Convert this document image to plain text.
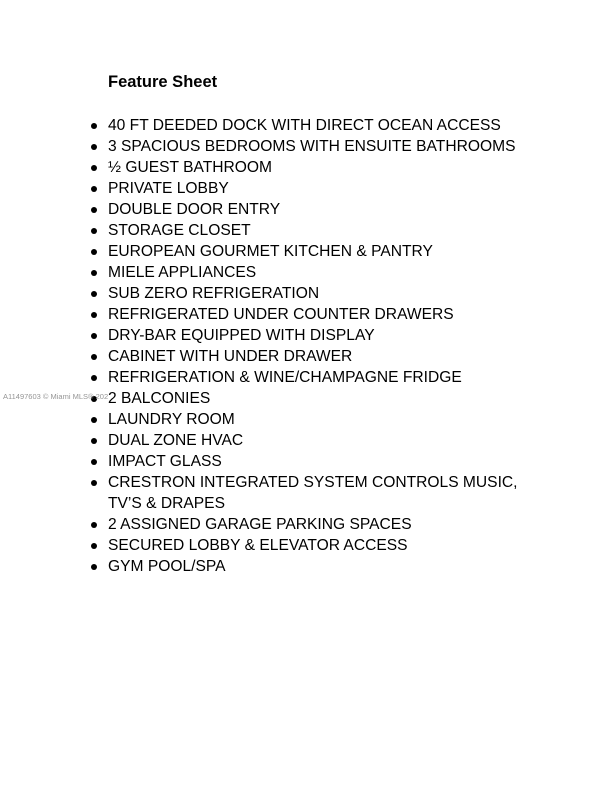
Feature Sheet
40 FT DEEDED DOCK WITH DIRECT OCEAN ACCESS
3 SPACIOUS BEDROOMS WITH ENSUITE BATHROOMS
½ GUEST BATHROOM
PRIVATE LOBBY
DOUBLE DOOR ENTRY
STORAGE CLOSET
EUROPEAN GOURMET KITCHEN & PANTRY
MIELE APPLIANCES
SUB ZERO REFRIGERATION
REFRIGERATED UNDER COUNTER DRAWERS
DRY-BAR EQUIPPED WITH DISPLAY
CABINET WITH UNDER DRAWER
REFRIGERATION & WINE/CHAMPAGNE FRIDGE
2 BALCONIES
LAUNDRY ROOM
DUAL ZONE HVAC
IMPACT GLASS
CRESTRON INTEGRATED SYSTEM CONTROLS MUSIC, TV’S & DRAPES
2 ASSIGNED GARAGE PARKING SPACES
SECURED LOBBY & ELEVATOR ACCESS
GYM POOL/SPA
A11497603 © Miami MLS® 202
